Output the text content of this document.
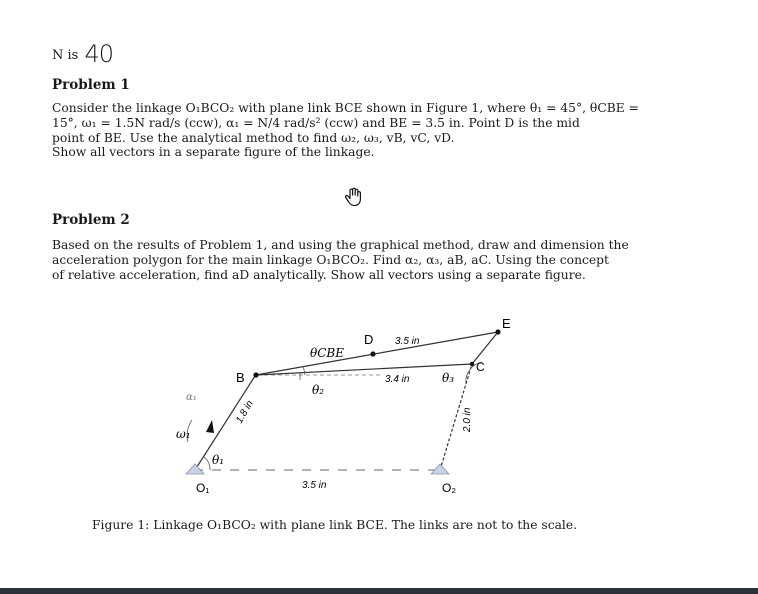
N is 40
Problem 1

Consider the linkage O₁BCO₂ with plane link BCE shown in Figure 1, where θ₁ = 45°, θCBE =

15°, ω₁ = 1.5N rad/s (ccw), α₁ = N/4 rad/s² (ccw) and BE = 3.5 in. Point D is the mid

point of BE. Use the analytical method to find ω₂, ω₃, vB, vC, vD.

Show all vectors in a separate figure of the linkage.

Problem 2

Based on the results of Problem 1, and using the graphical method, draw and dimension the

acceleration polygon for the main linkage O₁BCO₂. Find α₂, α₃, aB, aC. Using the concept

of relative acceleration, find aD analytically. Show all vectors using a separate figure.

E
D
B
C
O₁	O₂
3.5 in
3.4 in
3.5 in
1.8 in	2.0 in
θCBE
θ₂
θ₃
θ₁
α₁
ω₁
Figure 1: Linkage O₁BCO₂ with plane link BCE. The links are not to the scale.
